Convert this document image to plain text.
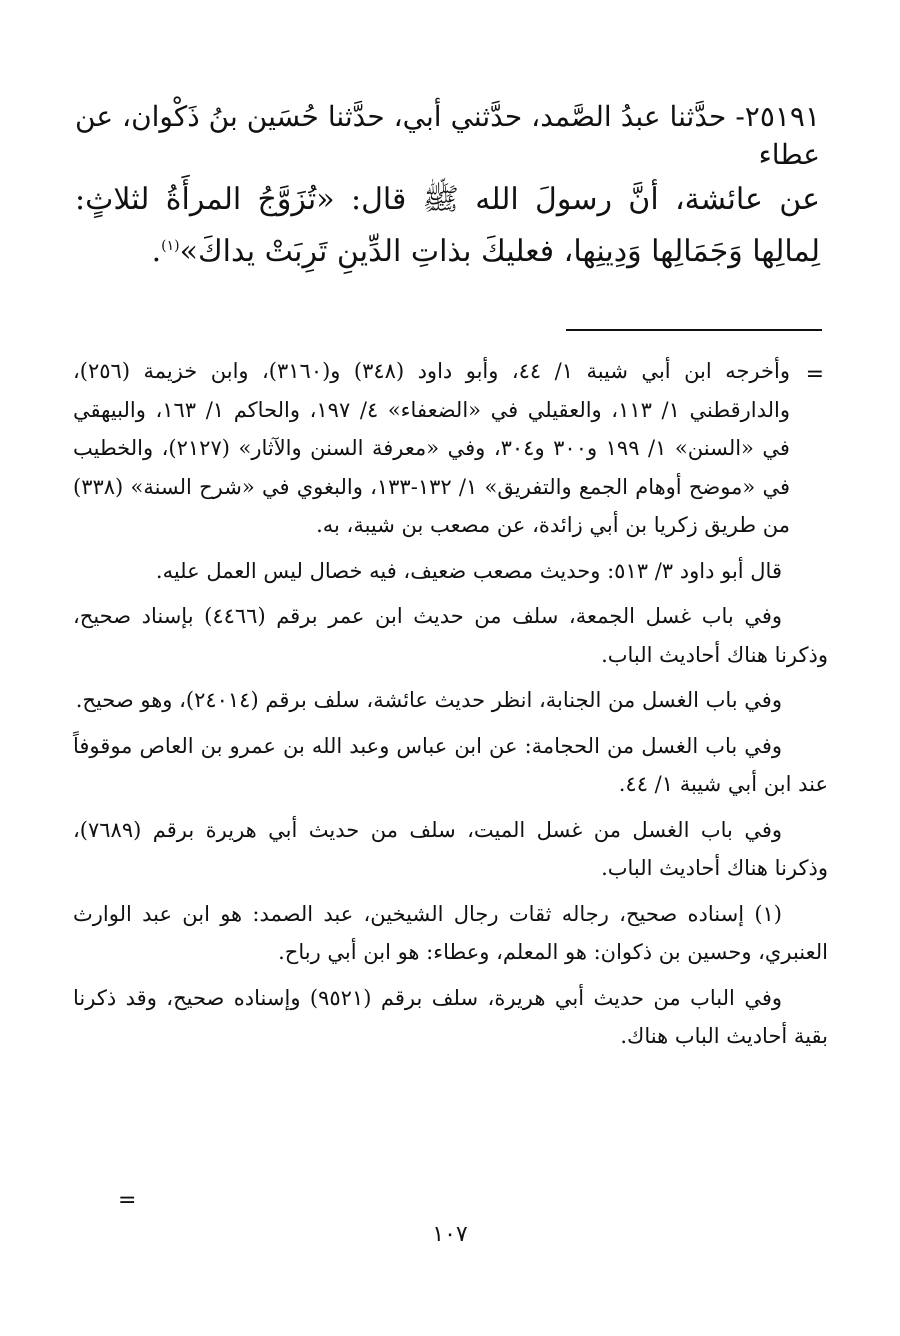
٢٥١٩١- حدَّثنا عبدُ الصَّمد، حدَّثني أبي، حدَّثنا حُسَين بنُ ذَكْوان، عن عطاء

عن عائشة، أنَّ رسولَ الله ﷺ قال: «تُزَوَّجُ المرأَةُ لثلاثٍ: لِمالِها وَجَمَالِها وَدِينِها، فعليكَ بذاتِ الدِّينِ تَرِبَتْ يداكَ»$^{(١)}$.

=

وأخرجه ابن أبي شيبة ١/ ٤٤، وأبو داود (٣٤٨) و(٣١٦٠)، وابن خزيمة (٢٥٦)، والدارقطني ١/ ١١٣، والعقيلي في «الضعفاء» ٤/ ١٩٧، والحاكم ١/ ١٦٣، والبيهقي في «السنن» ١/ ١٩٩ و٣٠٠ و٣٠٤، وفي «معرفة السنن والآثار» (٢١٢٧)، والخطيب في «موضح أوهام الجمع والتفريق» ١/ ١٣٢-١٣٣، والبغوي في «شرح السنة» (٣٣٨) من طريق زكريا بن أبي زائدة، عن مصعب بن شيبة، به.

قال أبو داود ٣/ ٥١٣: وحديث مصعب ضعيف، فيه خصال ليس العمل عليه.

وفي باب غسل الجمعة، سلف من حديث ابن عمر برقم (٤٤٦٦) بإسناد صحيح، وذكرنا هناك أحاديث الباب.

وفي باب الغسل من الجنابة، انظر حديث عائشة، سلف برقم (٢٤٠١٤)، وهو صحيح.

وفي باب الغسل من الحجامة: عن ابن عباس وعبد الله بن عمرو بن العاص موقوفاً عند ابن أبي شيبة ١/ ٤٤.

وفي باب الغسل من غسل الميت، سلف من حديث أبي هريرة برقم (٧٦٨٩)، وذكرنا هناك أحاديث الباب.

(١) إسناده صحيح، رجاله ثقات رجال الشيخين، عبد الصمد: هو ابن عبد الوارث العنبري، وحسين بن ذكوان: هو المعلم، وعطاء: هو ابن أبي رباح.

وفي الباب من حديث أبي هريرة، سلف برقم (٩٥٢١) وإسناده صحيح، وقد ذكرنا بقية أحاديث الباب هناك.

=
١٠٧
